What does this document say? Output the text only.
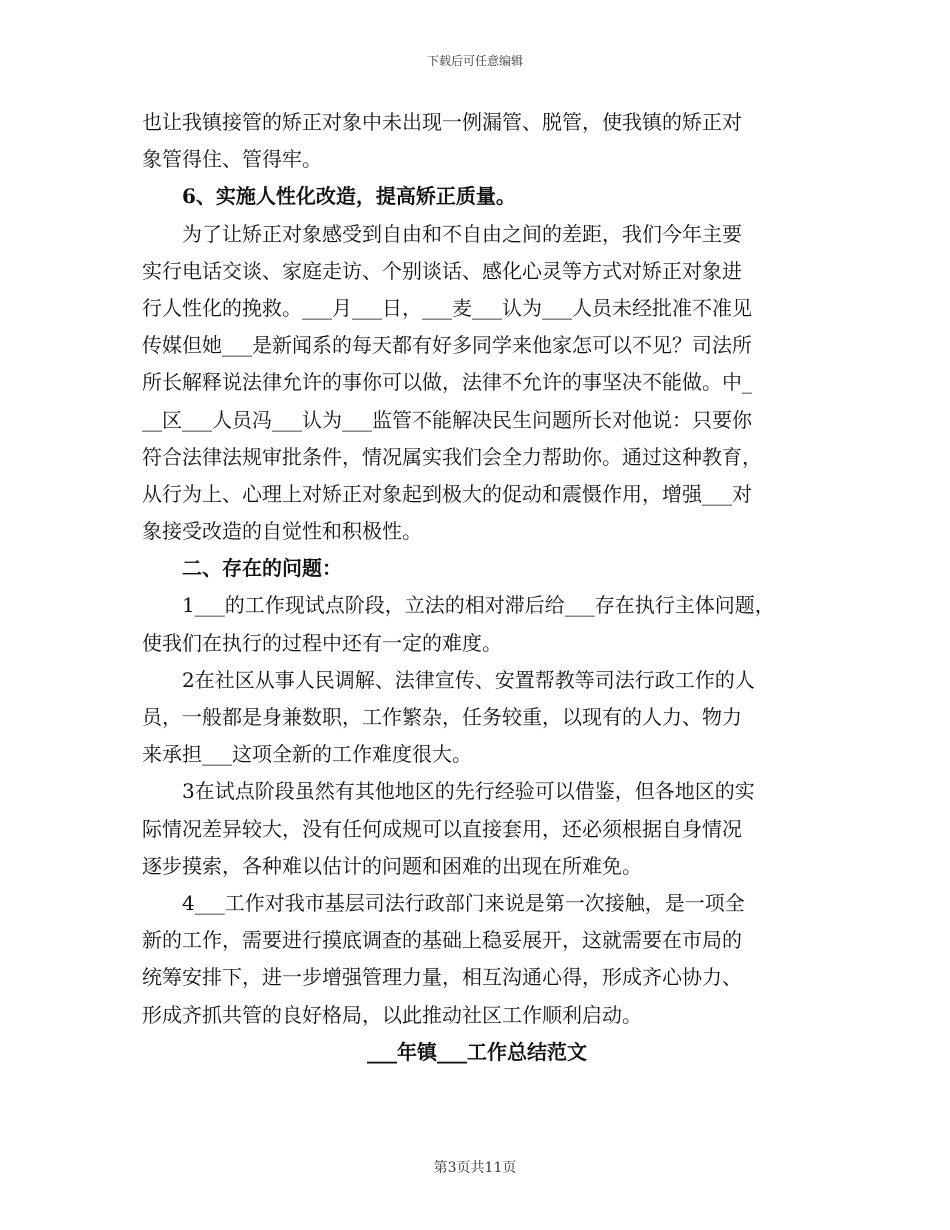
下载后可任意编辑
也让我镇接管的矫正对象中未出现一例漏管、脱管，使我镇的矫正对
象管得住、管得牢。
6、实施人性化改造，提高矫正质量。
为了让矫正对象感受到自由和不自由之间的差距，我们今年主要
实行电话交谈、家庭走访、个别谈话、感化心灵等方式对矫正对象进
行人性化的挽救。___月___日，___麦___认为___人员未经批准不准见
传媒但她___是新闻系的每天都有好多同学来他家怎可以不见？司法所
所长解释说法律允许的事你可以做，法律不允许的事坚决不能做。中_
__区___人员冯___认为___监管不能解决民生问题所长对他说：只要你
符合法律法规审批条件，情况属实我们会全力帮助你。通过这种教育，
从行为上、心理上对矫正对象起到极大的促动和震慑作用，增强___对
象接受改造的自觉性和积极性。
二、存在的问题：
1___的工作现试点阶段，立法的相对滞后给___存在执行主体问题，
使我们在执行的过程中还有一定的难度。
2在社区从事人民调解、法律宣传、安置帮教等司法行政工作的人
员，一般都是身兼数职，工作繁杂，任务较重，以现有的人力、物力
来承担___这项全新的工作难度很大。
3在试点阶段虽然有其他地区的先行经验可以借鉴，但各地区的实
际情况差异较大，没有任何成规可以直接套用，还必须根据自身情况
逐步摸索，各种难以估计的问题和困难的出现在所难免。
4___工作对我市基层司法行政部门来说是第一次接触，是一项全
新的工作，需要进行摸底调查的基础上稳妥展开，这就需要在市局的
统筹安排下，进一步增强管理力量，相互沟通心得，形成齐心协力、
形成齐抓共管的良好格局，以此推动社区工作顺利启动。
___年镇___工作总结范文
第3页共11页
